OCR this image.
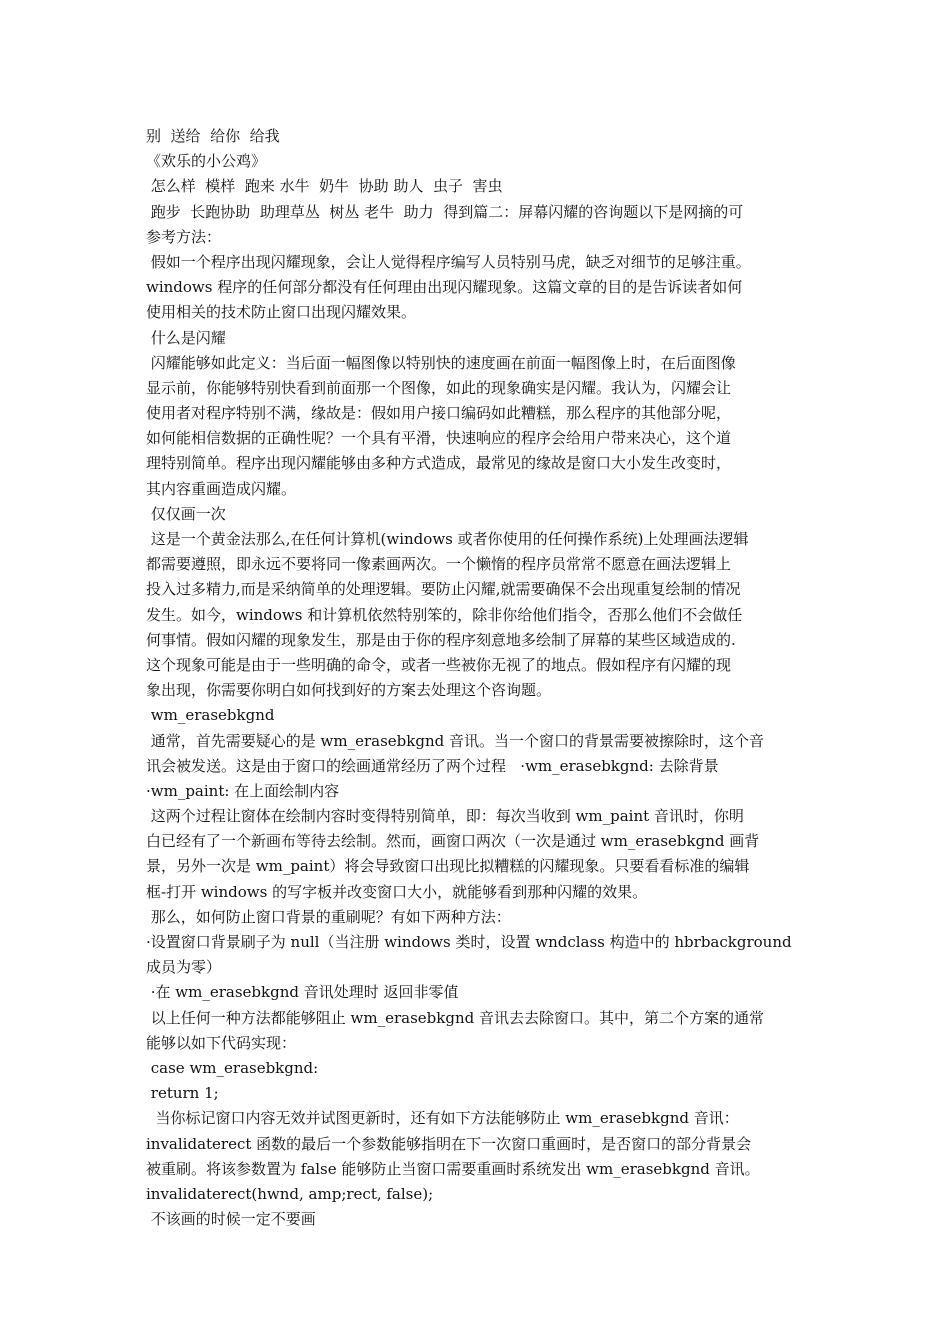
别  送给  给你  给我
《欢乐的小公鸡》
怎么样  模样  跑来 水牛  奶牛  协助 助人  虫子  害虫
跑步  长跑协助  助理草丛  树丛 老牛  助力  得到篇二：屏幕闪耀的咨询题以下是网摘的可
参考方法：
假如一个程序出现闪耀现象，会让人觉得程序编写人员特别马虎，缺乏对细节的足够注重。
windows 程序的任何部分都没有任何理由出现闪耀现象。这篇文章的目的是告诉读者如何
使用相关的技术防止窗口出现闪耀效果。
什么是闪耀
闪耀能够如此定义：当后面一幅图像以特别快的速度画在前面一幅图像上时，在后面图像
显示前，你能够特别快看到前面那一个图像，如此的现象确实是闪耀。我认为，闪耀会让
使用者对程序特别不满，缘故是：假如用户接口编码如此糟糕，那么程序的其他部分呢，
如何能相信数据的正确性呢？一个具有平滑，快速响应的程序会给用户带来决心，这个道
理特别简单。程序出现闪耀能够由多种方式造成，最常见的缘故是窗口大小发生改变时，
其内容重画造成闪耀。
仅仅画一次
这是一个黄金法那么,在任何计算机(windows 或者你使用的任何操作系统)上处理画法逻辑
都需要遵照，即永远不要将同一像素画两次。一个懒惰的程序员常常不愿意在画法逻辑上
投入过多精力,而是采纳简单的处理逻辑。要防止闪耀,就需要确保不会出现重复绘制的情况
发生。如今，windows 和计算机依然特别笨的，除非你给他们指令，否那么他们不会做任
何事情。假如闪耀的现象发生，那是由于你的程序刻意地多绘制了屏幕的某些区域造成的.
这个现象可能是由于一些明确的命令，或者一些被你无视了的地点。假如程序有闪耀的现
象出现，你需要你明白如何找到好的方案去处理这个咨询题。
wm_erasebkgnd
通常，首先需要疑心的是 wm_erasebkgnd 音讯。当一个窗口的背景需要被擦除时，这个音
讯会被发送。这是由于窗口的绘画通常经历了两个过程   ·wm_erasebkgnd: 去除背景
·wm_paint: 在上面绘制内容
这两个过程让窗体在绘制内容时变得特别简单，即：每次当收到 wm_paint 音讯时，你明
白已经有了一个新画布等待去绘制。然而，画窗口两次（一次是通过 wm_erasebkgnd 画背
景，另外一次是 wm_paint）将会导致窗口出现比拟糟糕的闪耀现象。只要看看标准的编辑
框-打开 windows 的写字板并改变窗口大小，就能够看到那种闪耀的效果。
那么，如何防止窗口背景的重刷呢？有如下两种方法：
·设置窗口背景刷子为 null（当注册 windows 类时，设置 wndclass 构造中的 hbrbackground
成员为零）
·在 wm_erasebkgnd 音讯处理时 返回非零值
以上任何一种方法都能够阻止 wm_erasebkgnd 音讯去去除窗口。其中，第二个方案的通常
能够以如下代码实现：
case wm_erasebkgnd:
return 1;
当你标记窗口内容无效并试图更新时，还有如下方法能够防止 wm_erasebkgnd 音讯：
invalidaterect 函数的最后一个参数能够指明在下一次窗口重画时，是否窗口的部分背景会
被重刷。将该参数置为 false 能够防止当窗口需要重画时系统发出 wm_erasebkgnd 音讯。
invalidaterect(hwnd, amp;rect, false);
不该画的时候一定不要画
